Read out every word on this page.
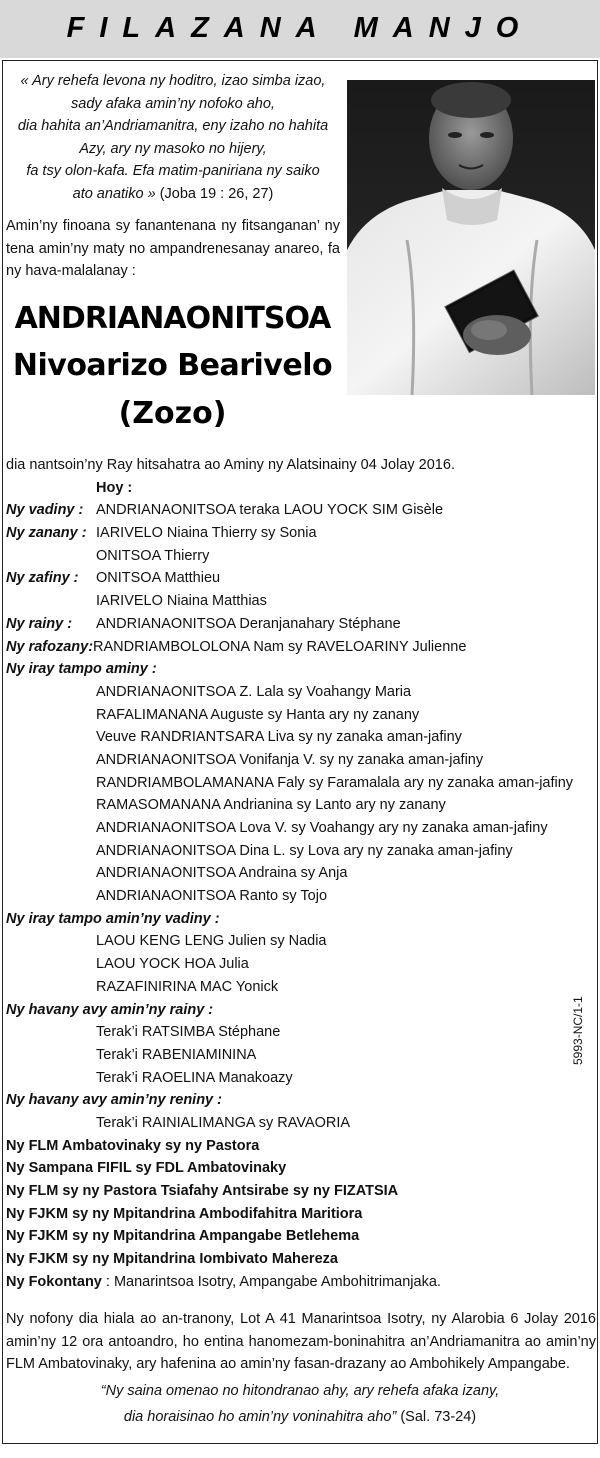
FILAZANA MANJO
« Ary rehefa levona ny hoditro, izao simba izao,
sady afaka amin’ny nofoko aho,
dia hahita an’Andriamanitra, eny izaho no hahita
Azy, ary ny masoko no hijery,
fa tsy olon-kafa. Efa matim-paniriana ny saiko
ato anatiko » (Joba 19 : 26, 27)
Amin’ny finoana sy fanantenana ny fitsanganan’ ny tena amin’ny maty no ampandrenesanay anareo, fa ny hava-malalanay :
ANDRIANAONITSOA
Nivoarizo Bearivelo
(Zozo)
dia nantsoin’ny Ray hitsahatra ao Aminy ny Alatsinainy 04 Jolay 2016.
Hoy :
Ny vadiny : ANDRIANAONITSOA teraka LAOU YOCK SIM Gisèle
Ny zanany : IARIVELO Niaina Thierry sy Sonia
ONITSOA Thierry
Ny zafiny : ONITSOA Matthieu
IARIVELO Niaina Matthias
Ny rainy : ANDRIANAONITSOA Deranjanahary Stéphane
Ny rafozany:RANDRIAMBOLOLONA Nam sy RAVELOARINY Julienne
Ny iray tampo aminy :
ANDRIANAONITSOA Z. Lala sy Voahangy Maria
RAFALIMANANA Auguste sy Hanta ary ny zanany
Veuve RANDRIANTSARA Liva sy ny zanaka aman-jafiny
ANDRIANAONITSOA Vonifanja V. sy ny zanaka aman-jafiny
RANDRIAMBOLAMANANA Faly sy Faramalala ary ny zanaka aman-jafiny
RAMASOMANANA Andrianina sy Lanto ary ny zanany
ANDRIANAONITSOA Lova V. sy Voahangy ary ny zanaka aman-jafiny
ANDRIANAONITSOA Dina L. sy Lova ary ny zanaka aman-jafiny
ANDRIANAONITSOA Andraina sy Anja
ANDRIANAONITSOA Ranto sy Tojo
Ny iray tampo amin’ny vadiny :
LAOU KENG LENG Julien sy Nadia
LAOU YOCK HOA Julia
RAZAFINIRINA MAC Yonick
Ny havany avy amin’ny rainy :
Terak’i RATSIMBA Stéphane
Terak’i RABENIAMININA
Terak’i RAOELINA Manakoazy
Ny havany avy amin’ny reniny :
Terak’i RAINIALIMANGA sy RAVAORIA
Ny FLM Ambatovinaky sy ny Pastora
Ny Sampana FIFIL sy FDL Ambatovinaky
Ny FLM sy ny Pastora Tsiafahy Antsirabe sy ny FIZATSIA
Ny FJKM sy ny Mpitandrina Ambodifahitra Maritiora
Ny FJKM sy ny Mpitandrina Ampangabe Betlehema
Ny FJKM sy ny Mpitandrina Iombivato Mahereza
Ny Fokontany : Manarintsoa Isotry, Ampangabe Ambohitrimanjaka.
Ny nofony dia hiala ao an-tranony, Lot A 41 Manarintsoa Isotry, ny Alarobia 6 Jolay 2016 amin’ny 12 ora antoandro, ho entina hanomezam-boninahitra an’Andriamanitra ao amin’ny FLM Ambatovinaky, ary hafenina ao amin’ny fasan-drazany ao Ambohikely Ampangabe.
“Ny saina omenao no hitondranao ahy, ary rehefa afaka izany,
dia horaisinao ho amin’ny voninahitra aho” (Sal. 73-24)
5993-NC/1-1
